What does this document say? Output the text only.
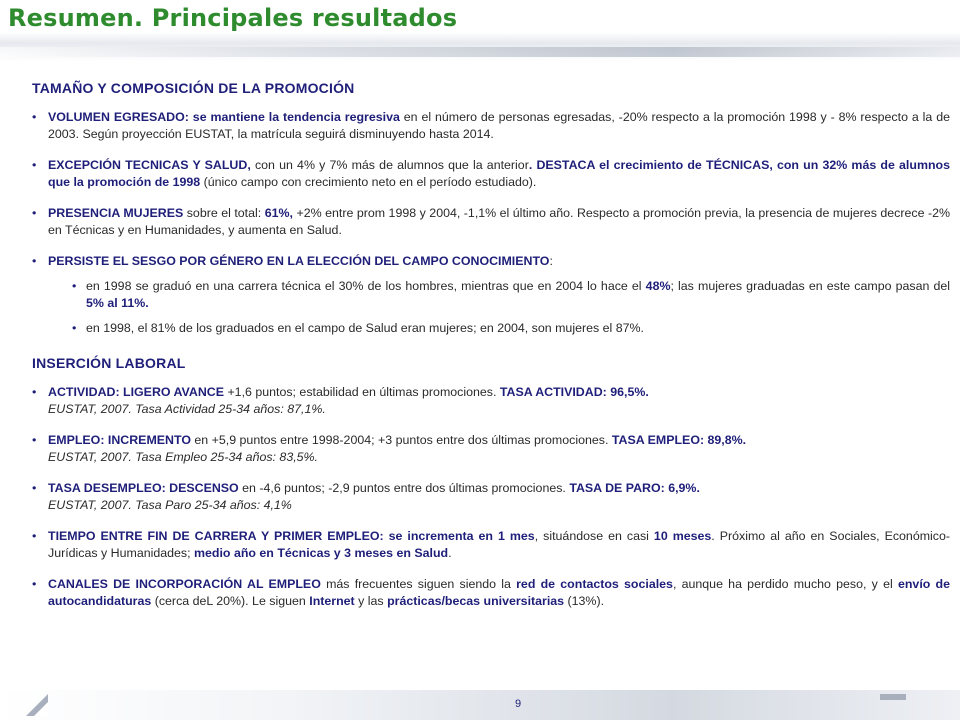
Resumen. Principales resultados
TAMAÑO Y COMPOSICIÓN DE LA PROMOCIÓN
• VOLUMEN EGRESADO: se mantiene la tendencia regresiva en el número de personas egresadas, -20% respecto a la promoción 1998 y - 8% respecto a la de 2003. Según proyección EUSTAT, la matrícula seguirá disminuyendo hasta 2014.
• EXCEPCIÓN TECNICAS Y SALUD, con un 4% y 7% más de alumnos que la anterior. DESTACA el crecimiento de TÉCNICAS, con un 32% más de alumnos que la promoción de 1998 (único campo con crecimiento neto en el período estudiado).
• PRESENCIA MUJERES sobre el total: 61%, +2% entre prom 1998 y 2004, -1,1% el último año. Respecto a promoción previa, la presencia de mujeres decrece -2% en Técnicas y en Humanidades, y aumenta en Salud.
• PERSISTE EL SESGO POR GÉNERO EN LA ELECCIÓN DEL CAMPO CONOCIMIENTO:
• en 1998 se graduó en una carrera técnica el 30% de los hombres, mientras que en 2004 lo hace el 48%; las mujeres graduadas en este campo pasan del 5% al 11%.
• en 1998, el 81% de los graduados en el campo de Salud eran mujeres; en 2004, son mujeres el 87%.
INSERCIÓN LABORAL
• ACTIVIDAD: LIGERO AVANCE +1,6 puntos; estabilidad en últimas promociones. TASA ACTIVIDAD: 96,5%.
EUSTAT, 2007. Tasa Actividad 25-34 años: 87,1%.
• EMPLEO: INCREMENTO en +5,9 puntos entre 1998-2004; +3 puntos entre dos últimas promociones. TASA EMPLEO: 89,8%.
EUSTAT, 2007. Tasa Empleo 25-34 años: 83,5%.
• TASA DESEMPLEO: DESCENSO en -4,6 puntos; -2,9 puntos entre dos últimas promociones. TASA DE PARO: 6,9%.
EUSTAT, 2007. Tasa Paro 25-34 años: 4,1%
• TIEMPO ENTRE FIN DE CARRERA Y PRIMER EMPLEO: se incrementa en 1 mes, situándose en casi 10 meses. Próximo al año en Sociales, Económico-Jurídicas y Humanidades; medio año en Técnicas y 3 meses en Salud.
• CANALES DE INCORPORACIÓN AL EMPLEO más frecuentes siguen siendo la red de contactos sociales, aunque ha perdido mucho peso, y el envío de autocandidaturas (cerca deL 20%). Le siguen Internet y las prácticas/becas universitarias (13%).
9
